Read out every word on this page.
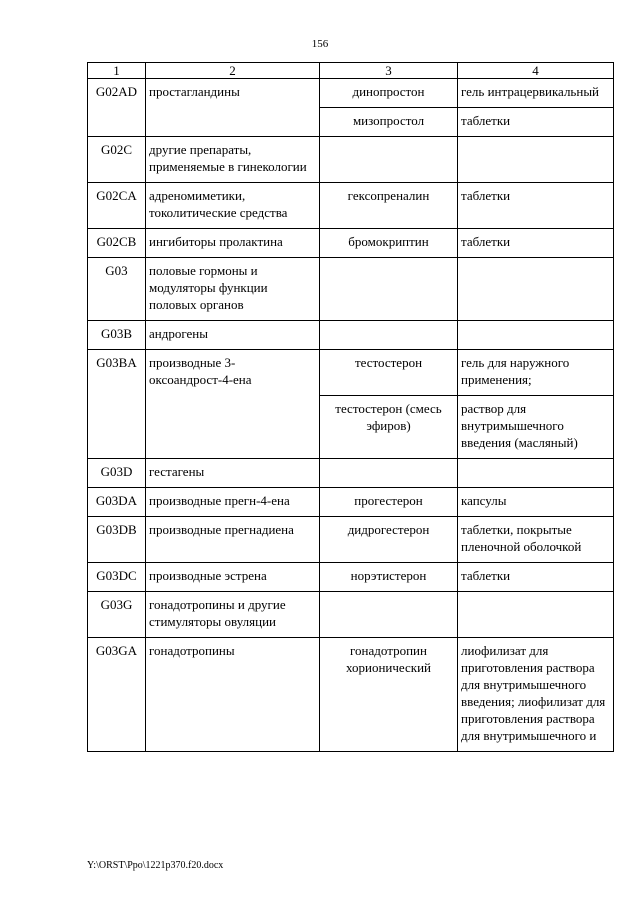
156
1	2	3	4
G02AD	простагландины	динопростон	гель интрацервикальный
		мизопростол	таблетки
G02C	другие препараты, применяемые в гинекологии		
G02CA	адреномиметики, токолитические средства	гексопреналин	таблетки
G02CB	ингибиторы пролактина	бромокриптин	таблетки
G03	половые гормоны и модуляторы функции половых органов		
G03B	андрогены		
G03BA	производные 3-оксоандрост-4-ена	тестостерон	гель для наружного применения;
		тестостерон (смесь эфиров)	раствор для внутримышечного введения (масляный)
G03D	гестагены		
G03DA	производные прегн-4-ена	прогестерон	капсулы
G03DB	производные прегнадиена	дидрогестерон	таблетки, покрытые пленочной оболочкой
G03DC	производные эстрена	норэтистерон	таблетки
G03G	гонадотропины и другие стимуляторы овуляции		
G03GA	гонадотропины	гонадотропин хорионический	лиофилизат для приготовления раствора для внутримышечного введения; лиофилизат для приготовления раствора для внутримышечного и
Y:\ORST\Ppo\1221p370.f20.docx
